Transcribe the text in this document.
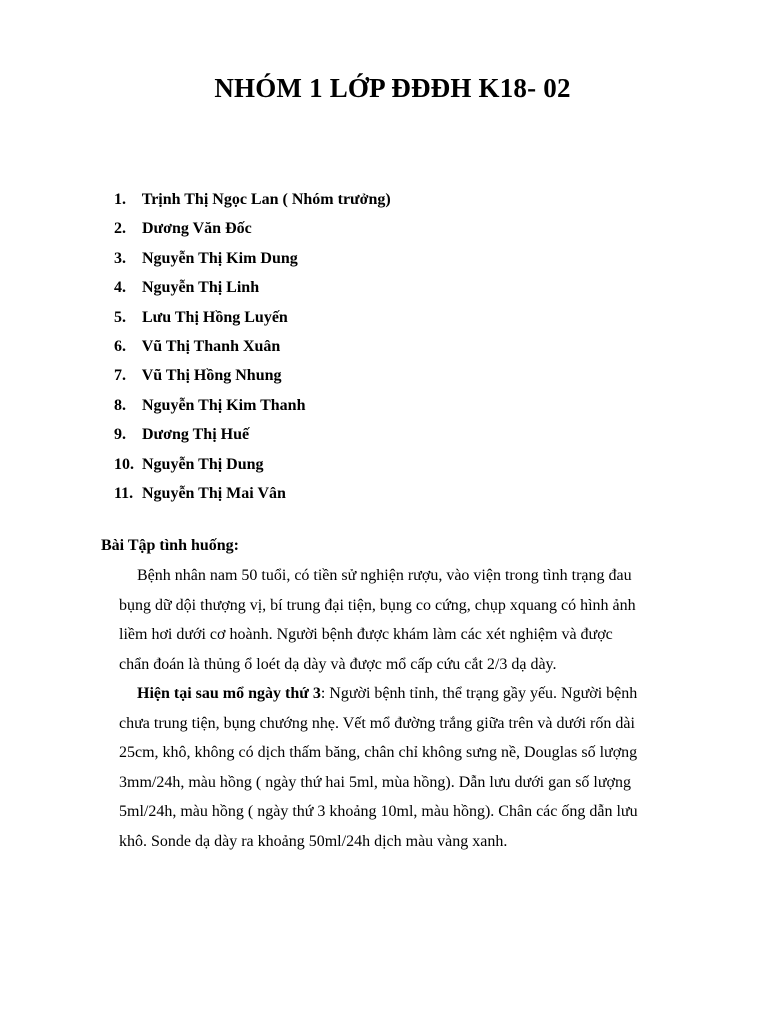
NHÓM 1 LỚP ĐĐĐH K18- 02
1. Trịnh Thị Ngọc Lan ( Nhóm trưởng)
2. Dương Văn Đốc
3. Nguyễn Thị Kim Dung
4. Nguyễn Thị Linh
5. Lưu Thị Hồng Luyến
6. Vũ Thị Thanh Xuân
7. Vũ Thị Hồng Nhung
8. Nguyễn Thị Kim Thanh
9. Dương Thị Huế
10. Nguyễn Thị Dung
11. Nguyễn Thị Mai Vân
Bài Tập tình huống:

Bệnh nhân nam 50 tuổi, có tiền sử nghiện rượu, vào viện trong tình trạng đau
bụng dữ dội thượng vị, bí trung đại tiện, bụng co cứng, chụp xquang có hình ảnh
liềm hơi dưới cơ hoành. Người bệnh được khám làm các xét nghiệm và được
chẩn đoán là thủng ổ loét dạ dày và được mổ cấp cứu cắt 2/3 dạ dày.

Hiện tại sau mổ ngày thứ 3: Người bệnh tỉnh, thể trạng gầy yếu. Người bệnh
chưa trung tiện, bụng chướng nhẹ. Vết mổ đường trắng giữa trên và dưới rốn dài
25cm, khô, không có dịch thấm băng, chân chỉ không sưng nề, Douglas số lượng
3mm/24h, màu hồng ( ngày thứ hai 5ml, mùa hồng). Dẫn lưu dưới gan số lượng
5ml/24h, màu hồng ( ngày thứ 3 khoảng 10ml, màu hồng). Chân các ống dẫn lưu
khô. Sonde dạ dày ra khoảng 50ml/24h dịch màu vàng xanh.
